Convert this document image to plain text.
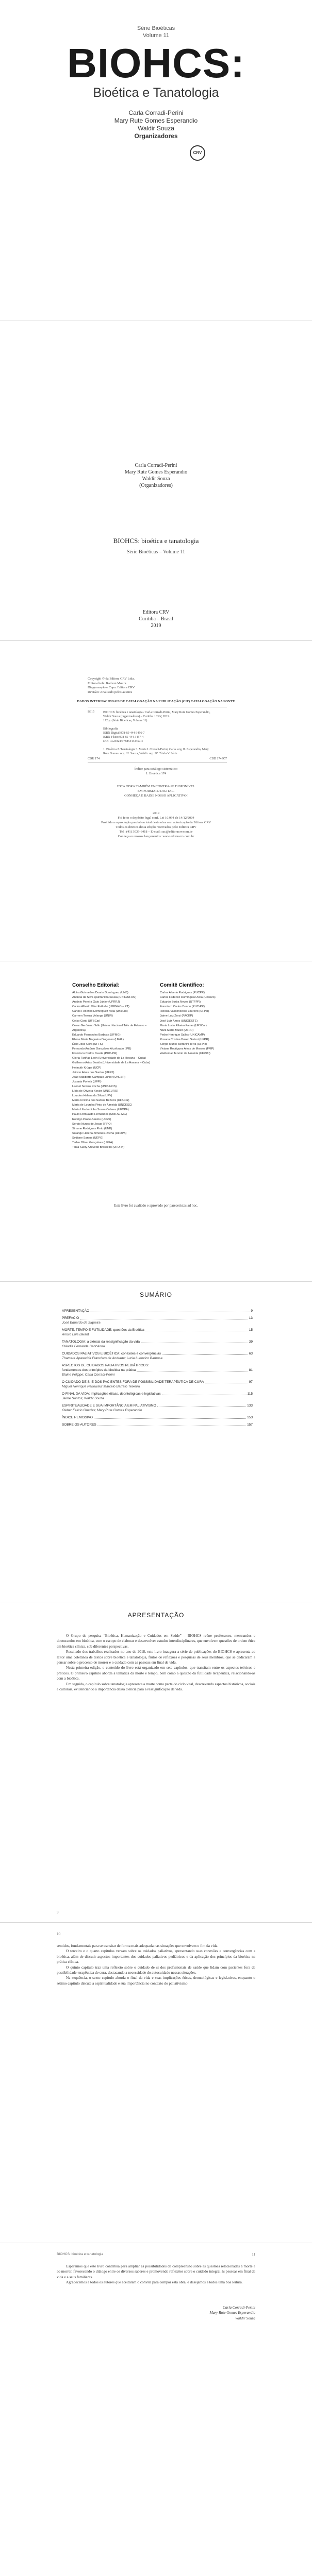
Série Bioéticas
Volume 11
BIOHCS:
Bioética e Tanatologia
Carla Corradi-Perini
Mary Rute Gomes Esperandio
Waldir Souza
Organizadores
CRV
Carla Corradi-Perini
Mary Rute Gomes Esperandio
Waldir Souza
(Organizadores)
BIOHCS: bioética e tanatologia
Série Bioéticas – Volume 11
Editora CRV
Curitiba – Brasil
2019
Copyright © da Editora CRV Ltda.
Editor-chefe: Railson Moura
Diagramação e Capa: Editora CRV
Revisão: Analisado pelos autores
DADOS INTERNACIONAIS DE CATALOGAÇÃO NA PUBLICAÇÃO (CIP) CATALOGAÇÃO NA FONTE
B615	BIOHCS: bioética e tanatologia / Carla Corradi-Perini, Mary Rute Gomes Esperandio,
Waldir Souza (organizadores) – Curitiba : CRV, 2019.
172 p. (Série Bioéticas, Volume 11)

Bibliografia
ISBN Digital 978-85-444-3456-7
ISBN Físico 978-85-444-3457-4
DOI 10.24824/978854443457.4

1. Bioética 2. Tanatologia 3. Morte I. Corradi-Perini, Carla. org. II. Esperandio, Mary
Rute Gomes. org. III. Souza, Waldir. org. IV. Título V. Série
CDU 174	CDD 174.957
Índice para catálogo sistemático
1. Bioética 174
ESTA OBRA TAMBÉM ENCONTRA-SE DISPONÍVEL
EM FORMATO DIGITAL.
CONHEÇA E BAIXE NOSSO APLICATIVO!
2019
Foi feito o depósito legal conf. Lei 10.994 de 14/12/2004
Proibida a reprodução parcial ou total desta obra sem autorização da Editora CRV
Todos os direitos desta edição reservados pela: Editora CRV
Tel.: (41) 3039-6418 – E-mail: sac@editoracrv.com.br
Conheça os nossos lançamentos: www.editoracrv.com.br
Conselho Editorial:
Aldira Guimarães Duarte Domínguez (UNB)
Andréia da Silva Quintanilha Sousa (UNIR/UFRN)
Antônio Pereira Gaio Júnior (UFRRJ)
Carlos Alberto Vilar Estêvão (UMINHO – PT)
Carlos Federico Domínguez Avila (Unieuro)
Carmen Tereza Velanga (UNIR)
Celso Conti (UFSCar)
Cesar Gerónimo Tello (Univer. Nacional Três de Febrero – Argentina)
Eduardo Fernandes Barbosa (UFMG)
Elione Maria Nogueira Diogenes (UFAL)
Élsio José Corá (UFFS)
Fernando Antônio Gonçalves Alcoforado (IPB)
Francisco Carlos Duarte (PUC-PR)
Gloria Fariñas León (Universidade de La Havana – Cuba)
Guillermo Arias Beatón (Universidade de La Havana – Cuba)
Helmuth Krüger (UCP)
Jailson Alves dos Santos (UFRJ)
João Adalberto Campato Junior (UNESP)
Josania Portela (UFPI)
Leonel Severo Rocha (UNISINOS)
Lídia de Oliveira Xavier (UNIEURO)
Lourdes Helena da Silva (UFV)
Maria Cristina dos Santos Bezerra (UFSCar)
Maria de Lourdes Pinto de Almeida (UNOESC)
Maria Lília Imbiriba Sousa Colares (UFOPA)
Paulo Romualdo Hernandes (UNIFAL-MG)
Rodrigo Pratte-Santos (UFES)
Sérgio Nunes de Jesus (IFRO)
Simone Rodrigues Pinto (UNB)
Solange Helena Ximenes-Rocha (UFOPA)
Sydione Santos (UEPG)
Tadeu Oliver Gonçalves (UFPA)
Tania Suely Azevedo Brasileiro (UFOPA)
Comitê Científico:
Carlos Alberto Rodrigues (PUCPR)
Carlos Federico Domínguez Avila (Unieuro)
Eduardo Borba Neves (UTFPR)
Francisco Carlos Duarte (PUC-PR)
Heloisa Vasconcellos Loureiro (UFPR)
Jaime Luiz Zorzi (FACEP)
José Luiz Ames (UNIOESTE)
Maria Lucia Ribeiro Farias (UFSCar)
Nilza Maria Muller (UFPR)
Pedro Henrique Salles (UNICAMP)
Rosana Cristina Buseti Sartori (UFPR)
Sérgio Murilo Stefanini Terra (UFPR)
Viviane Rodrigues Alves de Moraes (FMP)
Waldemar Tenório de Almeida (UFRRJ)
Este livro foi avaliado e aprovado por pareceristas ad hoc.
SUMÁRIO
APRESENTAÇÃO	9
PREFÁCIO	13
José Eduardo de Siqueira
MORTE, TEMPO E FUTILIDADE: questões da Bioética	15
Anísio Luís Baiant
TANATOLOGIA: a ciência da ressignificação da vida	39
Cláudia Fernanda Sant'Anna
CUIDADOS PALIATIVOS E BIOÉTICA: conexões e convergências	63
Thamara Aparecida Francisco de Andrade; Lucia Ludovico Barbosa
ASPECTOS DE CUIDADOS PALIATIVOS PEDIÁTRICOS:
fundamentos dos princípios da bioética na prática	81
Elaine Felippe; Carla Corradi-Perini
O CUIDADO DE SI E DOS PACIENTES FORA DE POSSIBILIDADE TERAPÊUTICA DE CURA	97
Miguel Henrique Perlowski; Marcelo Barreto Teixeira
O FINAL DA VIDA: implicações éticas, deontológicas e legislativas	115
Jaime Santos; Waldir Souza
ESPIRITUALIDADE E SUA IMPORTÂNCIA EM PALIATIVISMO	133
Cleber Felicio Guedes; Mary Rute Gomes Esperandio
ÍNDICE REMISSIVO	153
SOBRE OS AUTORES	157
APRESENTAÇÃO

O Grupo de pesquisa “Bioética, Humanização e Cuidados em Saúde” – BIOHCS reúne professores, mestrandos e doutorandos em bioética, com o escopo de elaborar e desenvolver estudos interdisciplinares, que envolvem questões de ordem ética em bioética clínica, sob diferentes perspectivas.

Resultado dos trabalhos realizados no ano de 2018, este livro inaugura a série de publicações do BIOHCS e apresenta ao leitor uma coletânea de textos sobre bioética e tanatologia, frutos de reflexões e pesquisas de seus membros, que se dedicaram a pensar sobre o processo de morrer e o cuidado com as pessoas em final de vida.

Nesta primeira edição, o conteúdo do livro está organizado em sete capítulos, que transitam entre os aspectos teóricos e práticos. O primeiro capítulo aborda a temática da morte e tempo, bem como a questão da futilidade terapêutica, relacionando-as com a bioética.

Em seguida, o capítulo sobre tanatologia apresenta a morte como parte do ciclo vital, descrevendo aspectos históricos, sociais e culturais, evidenciando a importância dessa ciência para a ressignificação da vida.

9
10

sentidos, fundamentais para se transitar de forma mais adequada nas situações que envolvem o fim da vida.

O terceiro e o quarto capítulos versam sobre os cuidados paliativos, apresentando suas conexões e convergências com a bioética, além de discutir aspectos importantes dos cuidados paliativos pediátricos e da aplicação dos princípios da bioética na prática clínica.

O quinto capítulo traz uma reflexão sobre o cuidado de si dos profissionais de saúde que lidam com pacientes fora de possibilidade terapêutica de cura, destacando a necessidade do autocuidado nessas situações.

Na sequência, o sexto capítulo aborda o final da vida e suas implicações éticas, deontológicas e legislativas, enquanto o sétimo capítulo discute a espiritualidade e sua importância no contexto do paliativismo.

BIOHCS: bioética e tanatologia	11

Esperamos que este livro contribua para ampliar as possibilidades de compreensão sobre as questões relacionadas à morte e ao morrer, favorecendo o diálogo entre os diversos saberes e promovendo reflexões sobre o cuidado integral às pessoas em final de vida e a seus familiares.

Agradecemos a todos os autores que aceitaram o convite para compor esta obra, e desejamos a todos uma boa leitura.

Carla Corradi-Perini
Mary Rute Gomes Esperandio
Waldir Souza
